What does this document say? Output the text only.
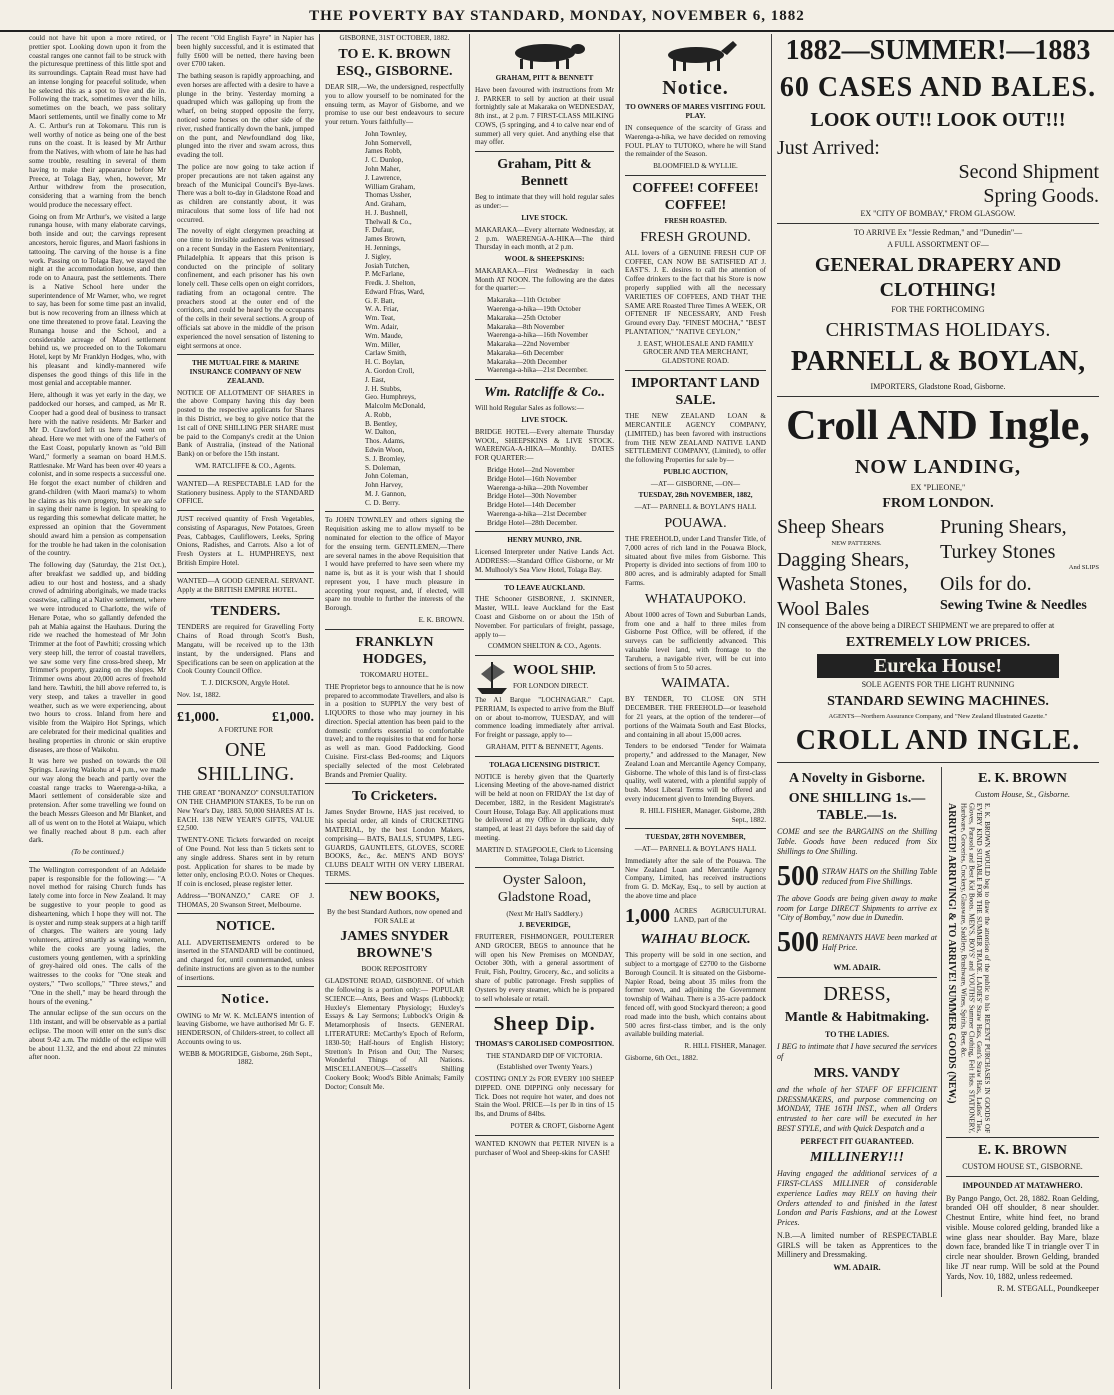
THE POVERTY BAY STANDARD, MONDAY, NOVEMBER 6, 1882

could not have hit upon a more retired, or prettier spot. Looking down upon it from the coastal ranges one cannot fail to be struck with the picturesque prettiness of this little spot and its surroundings. Captain Read must have had an intense longing for peaceful solitude, when he selected this as a spot to live and die in. Following the track, sometimes over the hills, sometimes on the beach, we pass solitary Maori settlements, until we finally come to Mr A. C. Arthur's run at Tokomaru. This run is well worthy of notice as being one of the best runs on the coast. It is leased by Mr Arthur from the Natives, with whom of late he has had some trouble, resulting in several of them having to make their appearance before Mr Preece, at Tolaga Bay, when, however, Mr Arthur withdrew from the prosecution, considering that a warning from the bench would produce the necessary effect.

Going on from Mr Arthur's, we visited a large runanga house, with many elaborate carvings, both inside and out; the carvings represent ancestors, heroic figures, and Maori fashions in tattooing. The carving of the house is a fine work. Passing on to Tolaga Bay, we stayed the night at the accommodation house, and then rode on to Anaura, past the settlements. There is a Native School here under the superintendence of Mr Warner, who, we regret to say, has been for some time past an invalid, but is now recovering from an illness which at one time threatened to prove fatal. Leaving the Runanga house and the School, and a considerable acreage of Maori settlement behind us, we proceeded on to the Tokomaru Hotel, kept by Mr Franklyn Hodges, who, with his pleasant and kindly-mannered wife dispenses the good things of this life in the most genial and acceptable manner.

Here, although it was yet early in the day, we paddocked our horses, and camped, as Mr R. Cooper had a good deal of business to transact here with the native residents. Mr Barker and Mr D. Crawford left us here and went on ahead. Here we met with one of the Father's of the East Coast, popularly known as "old Bill Ward," formerly a seaman on board H.M.S. Rattlesnake. Mr Ward has been over 40 years a colonist, and in some respects a successful one. He forgot the exact number of children and grand-children (with Maori mama's) to whom he claims as his own progeny, but we are safe in saying their name is legion. In speaking to us regarding this somewhat delicate matter, he expressed an opinion that the Government should award him a pension as compensation for the trouble he had taken in the colonisation of the country.

The following day (Saturday, the 21st Oct.), after breakfast we saddled up, and bidding adieu to our host and hostess, and a shady crowd of admiring aboriginals, we made tracks coastwise, calling at a Native settlement, where we were introduced to Charlotte, the wife of Henare Potae, who so gallantly defended the pah at Mahia against the Hauhaus. During the ride we reached the homestead of Mr John Trimmer at the foot of Pawhiti; crossing which very steep hill, the terror of coastal travellers, we saw some very fine cross-bred sheep, Mr Trimmer's property, grazing on the slopes. Mr Trimmer owns about 20,000 acres of freehold land here. Tawhiti, the hill above referred to, is very steep, and takes a traveller in good weather, such as we were experiencing, about two hours to cross. Inland from here and visible from the Waipiro Hot Springs, which are celebrated for their medicinal qualities and healing properties in chronic or skin eruptive diseases, are those of Waikohu.

It was here we pushed on towards the Oil Springs. Leaving Waikohu at 4 p.m., we made our way along the beach and partly over the coastal range tracks to Waerenga-a-hika, a Maori settlement of considerable size and pretension. After some travelling we found on the beach Messrs Gleeson and Mr Blanket, and all of us went on to the Hotel at Waiapu, which we finally reached about 8 p.m. each after dark.

(To be continued.)

The Wellington correspondent of an Adelaide paper is responsible for the following:— "A novel method for raising Church funds has lately come into force in New Zealand. It may be suggestive to your people to good as disheartening, which I hope they will not. The is oyster and rump steak suppers at a high tariff of charges. The waiters are young lady volunteers, attired smartly as waiting women, while the cooks are young ladies, the customers young gentlemen, with a sprinkling of grey-haired old ones. The calls of the waitresses to the cooks for "One steak and oysters," "Two scollops," "Three stews," and "One in the shell," may be heard through the hours of the evening."

The annular eclipse of the sun occurs on the 11th instant, and will be observable as a partial eclipse. The moon will enter on the sun's disc about 9.42 a.m. The middle of the eclipse will be about 11.32, and the end about 22 minutes after noon.

The recent "Old English Fayre" in Napier has been highly successful, and it is estimated that fully £600 will be netted, there having been over £700 taken.

The bathing season is rapidly approaching, and even horses are affected with a desire to have a plunge in the briny. Yesterday morning a quadruped which was galloping up from the wharf, on being stopped opposite the ferry, noticed some horses on the other side of the river, rushed frantically down the bank, jumped on the punt, and Newfoundland dog like, plunged into the river and swam across, thus evading the toll.

The police are now going to take action if proper precautions are not taken against any breach of the Municipal Council's Bye-laws. There was a bolt to-day in Gladstone Road and as children are constantly about, it was miraculous that some loss of life had not occurred.

The novelty of eight clergymen preaching at one time to invisible audiences was witnessed on a recent Sunday in the Eastern Penitentiary, Philadelphia. It appears that this prison is conducted on the principle of solitary confinement, and each prisoner has his own lonely cell. These cells open on eight corridors, radiating from an octagonal centre. The preachers stood at the outer end of the corridors, and could be heard by the occupants of the cells in their several sections. A group of officials sat above in the middle of the prison experienced the novel sensation of listening to eight sermons at once.

THE MUTUAL FIRE & MARINE INSURANCE COMPANY OF NEW ZEALAND.

NOTICE OF ALLOTMENT OF SHARES in the above Company having this day been posted to the respective applicants for Shares in this District, we beg to give notice that the 1st call of ONE SHILLING PER SHARE must be paid to the Company's credit at the Union Bank of Australia, (instead of the National Bank) on or before the 15th instant.

WM. RATCLIFFE & CO., Agents.

WANTED—A RESPECTABLE LAD for the Stationery business. Apply to the STANDARD OFFICE.

JUST received quantity of Fresh Vegetables, consisting of Asparagus, New Potatoes, Green Peas, Cabbages, Cauliflowers, Leeks, Spring Onions, Radishes, and Carrots. Also a lot of Fresh Oysters at L. HUMPHREYS, next British Empire Hotel.

WANTED—A GOOD GENERAL SERVANT. Apply at the BRITISH EMPIRE HOTEL.

TENDERS.

TENDERS are required for Gravelling Forty Chains of Road through Scott's Bush, Mangatu, will be received up to the 13th instant, by the undersigned. Plans and Specifications can be seen on application at the Cook County Council Office.

T. J. DICKSON, Argyle Hotel.

Nov. 1st, 1882.

£1,000.	£1,000.

A FORTUNE FOR

ONE SHILLING.

THE GREAT "BONANZO" CONSULTATION ON THE CHAMPION STAKES, To be run on New Year's Day, 1883. 50,000 SHARES AT 1s. EACH. 138 NEW YEAR'S GIFTS, VALUE £2,500.

TWENTY-ONE Tickets forwarded on receipt of One Pound. Not less than 5 tickets sent to any single address. Shares sent in by return post. Application for shares to be made by letter only, enclosing P.O.O. Notes or Cheques. If coin is enclosed, please register letter.

Address—"BONANZO," CARE OF J. THOMAS, 20 Swanson Street, Melbourne.

NOTICE.

ALL ADVERTISEMENTS ordered to be inserted in the STANDARD will be continued, and charged for, until countermanded, unless definite instructions are given as to the number of insertions.

Notice.

OWING to Mr W. K. McLEAN'S intention of leaving Gisborne, we have authorised Mr G. F. HENDERSON, of Childers-street, to collect all Accounts owing to us.

WEBB & MOGRIDGE, Gisborne, 26th Sept., 1882.

GISBORNE, 31ST OCTOBER, 1882.

TO E. K. BROWN ESQ., GISBORNE.

DEAR SIR,—We, the undersigned, respectfully you to allow yourself to be nominated for the ensuing term, as Mayor of Gisborne, and we promise to use our best endeavours to secure your return. Yours faithfully—

John Townley,

John Somervell,

James Robb,

J. C. Dunlop,

John Maher,

J. Lawrence,

William Graham,

Thomas Ussher,

And. Graham,

H. J. Bushnell,

Thelwall & Co.,

F. Dufaur,

James Brown,

H. Jennings,

J. Sigley,

Josiah Tutchen,

P. McFarlane,

Fredk. J. Shelton,

Edward Ffras, Ward,

G. F. Batt,

W. A. Friar,

Wm. Teat,

Wm. Adair,

Wm. Maude,

Wm. Miller,

Carlaw Smith,

H. C. Boylan,

A. Gordon Croll,

J. East,

J. H. Stubbs,

Geo. Humphreys,

Malcolm McDonald,

A. Robb,

B. Bentley,

W. Dalton,

Thos. Adams,

Edwin Woon,

S. J. Bromley,

S. Doleman,

John Coleman,

John Harvey,

M. J. Gannon,

C. D. Berry.

To JOHN TOWNLEY and others signing the Requisition asking me to allow myself to be nominated for election to the office of Mayor for the ensuing term. GENTLEMEN,—There are several names in the above Requisition that I would have preferred to have seen where my name is, but as it is your wish that I should represent you, I have much pleasure in accepting your request, and, if elected, will spare no trouble to further the interests of the Borough.

E. K. BROWN.

FRANKLYN HODGES,

TOKOMARU HOTEL.

THE Proprietor begs to announce that he is now prepared to accommodate Travellers, and also is in a position to SUPPLY the very best of LIQUORS to those who may journey in his direction. Special attention has been paid to the domestic comforts essential to comfortable travel; and to the requisites to that end for horse as well as man. Good Paddocking. Good Cuisine. First-class Bed-rooms; and Liquors specially selected of the most Celebrated Brands and Premier Quality.

To Cricketers.

James Snyder Browne, HAS just received, to his special order, all kinds of CRICKETING MATERIAL, by the best London Makers, comprising— BATS, BALLS, STUMPS, LEG-GUARDS, GAUNTLETS, GLOVES, SCORE BOOKS, &c., &c. MEN'S AND BOYS' CLUBS DEALT WITH ON VERY LIBERAL TERMS.

NEW BOOKS,

By the best Standard Authors, now opened and FOR SALE at

JAMES SNYDER BROWNE'S

BOOK REPOSITORY

GLADSTONE ROAD, GISBORNE. Of which the following is a portion only:— POPULAR SCIENCE—Ants, Bees and Wasps (Lubbock); Huxley's Elementary Physiology; Huxley's Essays & Lay Sermons; Lubbock's Origin & Metamorphosis of Insects. GENERAL LITERATURE: McCarthy's Epoch of Reform, 1830-50; Half-hours of English History; Stretton's In Prison and Out; The Nurses; Wonderful Things of All Nations. MISCELLANEOUS—Cassell's Shilling Cookery Book; Wood's Bible Animals; Family Doctor; Consult Me.

GRAHAM, PITT & BENNETT

Have been favoured with instructions from Mr J. PARKER to sell by auction at their usual fortnightly sale at Makaraka on WEDNESDAY, 8th inst., at 2 p.m. 7 FIRST-CLASS MILKING COWS, (5 springing, and 4 to calve near end of summer) all very quiet. And anything else that may offer.

Graham, Pitt & Bennett

Beg to intimate that they will hold regular sales as under:—

LIVE STOCK.

MAKARAKA—Every alternate Wednesday, at 2 p.m. WAERENGA-A-HIKA—The third Thursday in each month, at 2 p.m.

WOOL & SHEEPSKINS:

MAKARAKA—First Wednesday in each Month AT NOON. The following are the dates for the quarter:—

Makaraka—11th October

Waerenga-a-hika—19th October

Makaraka—25th October

Makaraka—8th November

Waerenga-a-hika—16th November

Makaraka—22nd November

Makaraka—6th December

Makaraka—20th December

Waerenga-a-hika—21st December.

Wm. Ratcliffe & Co..

Will hold Regular Sales as follows:—

LIVE STOCK.

BRIDGE HOTEL—Every alternate Thursday WOOL, SHEEPSKINS & LIVE STOCK. WAERENGA-A-HIKA—Monthly. DATES FOR QUARTER:—

Bridge Hotel—2nd November

Bridge Hotel—16th November

Waerenga-a-hika—20th November

Bridge Hotel—30th November

Bridge Hotel—14th December

Waerenga-a-hika—21st December

Bridge Hotel—28th December.

HENRY MUNRO, JNR.

Licensed Interpreter under Native Lands Act. ADDRESS:—Standard Office Gisborne, or Mr M. Mulhooly's Sea View Hotel, Tolaga Bay.

TO LEAVE AUCKLAND.

THE Schooner GISBORNE, J. SKINNER, Master, WILL leave Auckland for the East Coast and Gisborne on or about the 15th of November. For particulars of freight, passage, apply to—

COMMON SHELTON & CO., Agents.

WOOL SHIP.

FOR LONDON DIRECT.

The A1 Barque "LOCHNAGAR." Capt. PERRIAM, Is expected to arrive from the Bluff on or about to-morrow, TUESDAY, and will commence loading immediately after arrival. For freight or passage, apply to—

GRAHAM, PITT & BENNETT, Agents.

TOLAGA LICENSING DISTRICT.

NOTICE is hereby given that the Quarterly Licensing Meeting of the above-named district will be held at noon on FRIDAY the 1st day of December, 1882, in the Resident Magistrate's Court House, Tolaga Bay. All applications must be delivered at my Office in duplicate, duly stamped, at least 21 days before the said day of meeting.

MARTIN D. STAGPOOLE, Clerk to Licensing Committee, Tolaga District.

Oyster Saloon, Gladstone Road,

(Next Mr Hall's Saddlery.)

J. BEVERIDGE,

FRUITERER, FISHMONGER, POULTERER AND GROCER, BEGS to announce that he will open his New Premises on MONDAY, October 30th, with a general assortment of Fruit, Fish, Poultry, Grocery, &c., and solicits a share of public patronage. Fresh supplies of Oysters by every steamer, which he is prepared to sell wholesale or retail.

Sheep Dip.

THOMAS'S CAROLISED COMPOSITION.

THE STANDARD DIP OF VICTORIA.

(Established over Twenty Years.)

COSTING ONLY 2s FOR EVERY 100 SHEEP DIPPED. ONE DIPPING only necessary for Tick. Does not require hot water, and does not Stain the Wool. PRICE—1s per lb in tins of 15 lbs, and Drums of 84lbs.

POTER & CROFT, Gisborne Agent

WANTED KNOWN that PETER NIVEN is a purchaser of Wool and Sheep-skins for CASH!

Notice.

TO OWNERS OF MARES VISITING FOUL PLAY.

IN consequence of the scarcity of Grass and Waerenga-a-hika, we have decided on removing FOUL PLAY to TUTOKO, where he will Stand the remainder of the Season.

BLOOMFIELD & WYLLIE.

COFFEE! COFFEE! COFFEE!

FRESH ROASTED.

FRESH GROUND.

ALL lovers of a GENUINE FRESH CUP OF COFFEE, CAN NOW BE SATISFIED AT J. EAST'S. J. E. desires to call the attention of Coffee drinkers to the fact that his Store is now properly supplied with all the necessary VARIETIES OF COFFEES, AND THAT THE SAME ARE Roasted Three Times A WEEK, OR OFTENER IF NECESSARY, AND Fresh Ground every Day. "FINEST MOCHA," "BEST PLANTATION," "NATIVE CEYLON,"

J. EAST, WHOLESALE AND FAMILY GROCER AND TEA MERCHANT, GLADSTONE ROAD.

IMPORTANT LAND SALE.

THE NEW ZEALAND LOAN & MERCANTILE AGENCY COMPANY, (LIMITED,) has been favored with instructions from THE NEW ZEALAND NATIVE LAND SETTLEMENT COMPANY, (Limited), to offer the following Properties for sale by—

PUBLIC AUCTION,

—AT— GISBORNE, —ON—

TUESDAY, 28th NOVEMBER, 1882,

—AT— PARNELL & BOYLAN'S HALL

POUAWA.

THE FREEHOLD, under Land Transfer Title, of 7,000 acres of rich land in the Pouawa Block, situated about five miles from Gisborne. This Property is divided into sections of from 100 to 800 acres, and is admirably adapted for Small Farms.

WHATAUPOKO.

About 1000 acres of Town and Suburban Lands, from one and a half to three miles from Gisborne Post Office, will be offered, if the surveys can be sufficiently advanced. This valuable level land, with frontage to the Taruheru, a navigable river, will be cut into sections of from 5 to 50 acres.

WAIMATA.

BY TENDER, TO CLOSE ON 5TH DECEMBER. THE FREEHOLD—or leasehold for 21 years, at the option of the tenderer—of portions of the Waimata South and East Blocks, and containing in all about 15,000 acres.

Tenders to be endorsed "Tender for Waimata property," and addressed to the Manager, New Zealand Loan and Mercantile Agency Company, Gisborne. The whole of this land is of first-class quality, well watered, with a plentiful supply of bush. Most Liberal Terms will be offered and every inducement given to Intending Buyers.

R. HILL FISHER, Manager. Gisborne, 28th Sept., 1882.

TUESDAY, 28TH NOVEMBER,

—AT— PARNELL & BOYLAN'S HALL

Immediately after the sale of the Pouawa. The New Zealand Loan and Mercantile Agency Company, Limited, has received instructions from G. D. McKay, Esq., to sell by auction at the above time and place

1,000 ACRES AGRICULTURAL LAND, part of the

WAIHAU BLOCK.

This property will be sold in one section, and subject to a mortgage of £2700 to the Gisborne Borough Council. It is situated on the Gisborne-Napier Road, being about 35 miles from the former town, and adjoining the Government township of Waihau. There is a 35-acre paddock fenced off, with good Stockyard thereon; a good road made into the bush, which contains about 500 acres first-class timber, and is the only available building material.

R. HILL FISHER, Manager.

Gisborne, 6th Oct., 1882.

1882—SUMMER!—1883

60 CASES AND BALES.

LOOK OUT!! LOOK OUT!!!

Just Arrived:

Second Shipment

Spring Goods.

EX "CITY OF BOMBAY," FROM GLASGOW.

TO ARRIVE Ex "Jessie Redman," and "Dunedin"—

A FULL ASSORTMENT OF—

GENERAL DRAPERY AND CLOTHING!

FOR THE FORTHCOMING

CHRISTMAS HOLIDAYS.

PARNELL & BOYLAN,

IMPORTERS, Gladstone Road, Gisborne.

Croll AND Ingle,

NOW LANDING,

EX "PLIEONE,"

FROM LONDON.

Sheep Shears

NEW PATTERNS.

Dagging Shears,

Washeta Stones,

Wool Bales

Pruning Shears,

Turkey Stones

And SLIPS

Oils for do.

Sewing Twine & Needles

IN consequence of the above being a DIRECT SHIPMENT we are prepared to offer at

EXTREMELY LOW PRICES.

Eureka House!

SOLE AGENTS FOR THE LIGHT RUNNING

STANDARD SEWING MACHINES.

AGENTS—Northern Assurance Company, and "New Zealand Illustrated Gazette."

CROLL AND INGLE.

A Novelty in Gisborne.

ONE SHILLING 1s.—TABLE.—1s.

COME and see the BARGAINS on the Shilling Table. Goods have been reduced from Six Shillings to One Shilling.

500 STRAW HATS on the Shilling Table reduced from Five Shillings.

The above Goods are being given away to make room for Large DIRECT Shipments to arrive ex "City of Bombay," now due in Dunedin.

500 REMNANTS HAVE been marked at Half Price.

WM. ADAIR.

DRESS,

Mantle & Habitmaking.

TO THE LADIES.

I BEG to intimate that I have secured the services of

MRS. VANDY

and the whole of her STAFF OF EFFICIENT DRESSMAKERS, and purpose commencing on MONDAY, THE 16TH INST., when all Orders entrusted to her care will be executed in her BEST STYLE, and with Quick Despatch and a

PERFECT FIT GUARANTEED.

MILLINERY!!!

Having engaged the additional services of a FIRST-CLASS MILLINER of considerable experience Ladies may RELY on having their Orders attended to and finished in the latest London and Paris Fashions, and at the Lowest Prices.

N.B.—A limited number of RESPECTABLE GIRLS will be taken as Apprentices to the Millinery and Dressmaking.

WM. ADAIR.

E. K. BROWN

Custom House, St., Gisborne.

ARRIVED! ARRIVING! & TO ARRIVE! SUMMER GOODS (NEW.)	E. K. BROWN WOULD beg to draw the attention of the public to his RECENT PURCHASES IN GOODS OF EVERY KIND SUITABLE FOR THE SUMMER TRADE. LADIES' Straw Hats, Gent's Straw Hats, Ladies' Ties, Gloves, Parasols and Best Kid Boots. MEN'S, BOYS' and YOUTHS' Summer Clothing, Felt Hats. STATIONERY, Hardware, Groceries, Crockery, Glassware, Saddlery, Brushware, Wines, Spirits, Beer, &c.

E. K. BROWN

CUSTOM HOUSE ST., GISBORNE.

IMPOUNDED AT MATAWHERO.

By Pango Pango, Oct. 28, 1882. Roan Gelding, branded OH off shoulder, 8 near shoulder. Chestnut Entire, white hind feet, no brand visible. Mouse colored gelding, branded like a wine glass near shoulder. Bay Mare, blaze down face, branded like T in triangle over T in circle near shoulder. Brown Gelding, branded like JT near rump. Will be sold at the Pound Yards, Nov. 10, 1882, unless redeemed.

R. M. STEGALL, Poundkeeper
